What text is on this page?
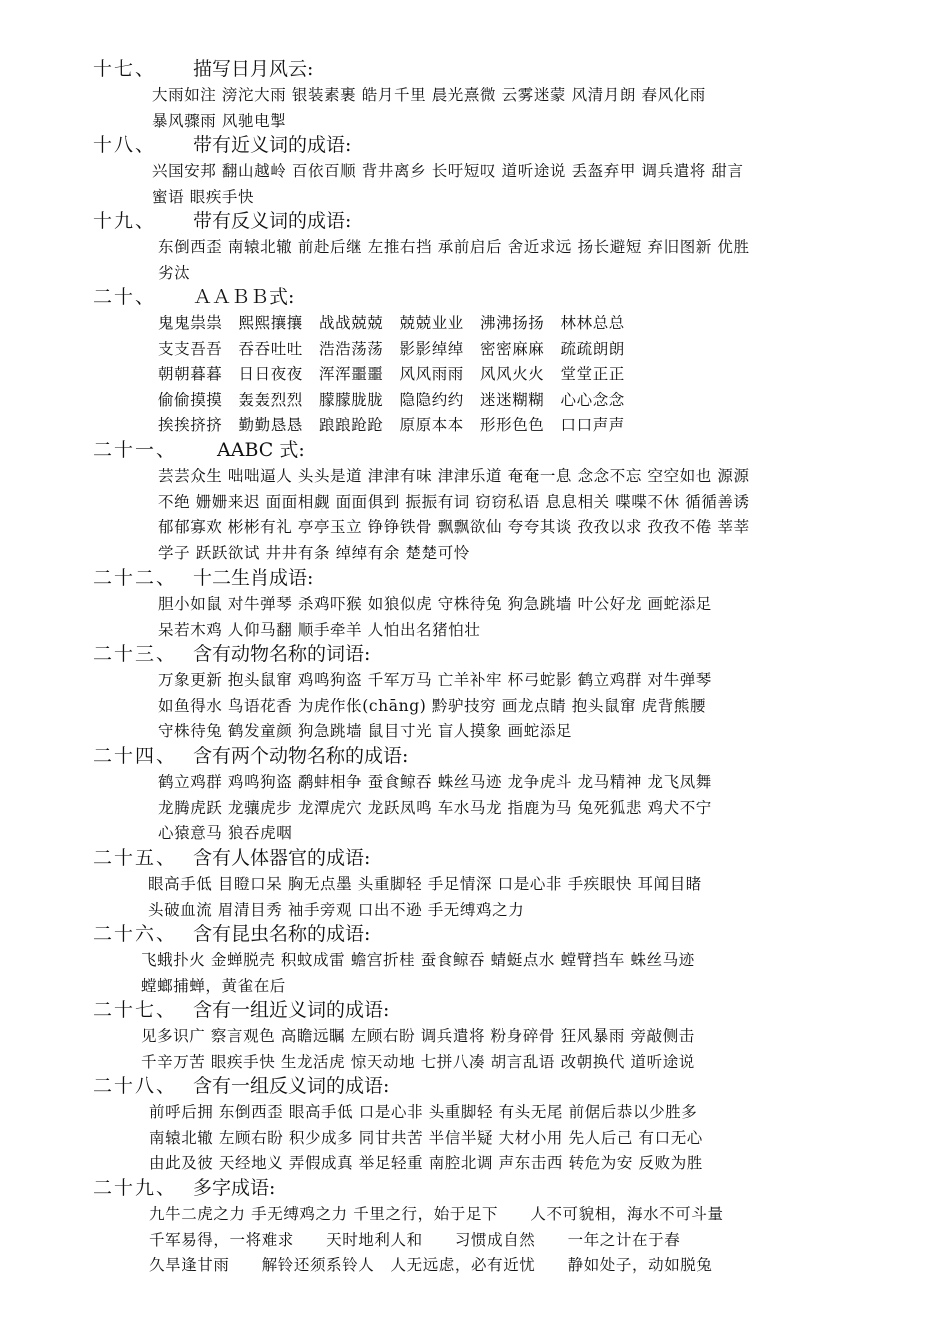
十七、 描写日月风云:
大雨如注 滂沱大雨 银装素裹 皓月千里 晨光熹微 云雾迷蒙 风清月朗 春风化雨
暴风骤雨 风驰电掣
十八、 带有近义词的成语:
兴国安邦 翻山越岭 百依百顺 背井离乡 长吁短叹 道听途说 丢盔弃甲 调兵遣将 甜言
蜜语 眼疾手快
十九、 带有反义词的成语:
东倒西歪 南辕北辙 前赴后继 左推右挡 承前启后 舍近求远 扬长避短 弃旧图新 优胜
劣汰
二十、 ＡＡＢＢ式:
鬼鬼祟祟　熙熙攘攘　战战兢兢　兢兢业业　沸沸扬扬　林林总总
支支吾吾　吞吞吐吐　浩浩荡荡　影影绰绰　密密麻麻　疏疏朗朗
朝朝暮暮　日日夜夜　浑浑噩噩　风风雨雨　风风火火　堂堂正正
偷偷摸摸　轰轰烈烈　朦朦胧胧　隐隐约约　迷迷糊糊　心心念念
挨挨挤挤　勤勤恳恳　踉踉跄跄　原原本本　形形色色　口口声声
二十一、 AABC 式:
芸芸众生 咄咄逼人 头头是道 津津有味 津津乐道 奄奄一息 念念不忘 空空如也 源源
不绝 姗姗来迟 面面相觑 面面俱到 振振有词 窃窃私语 息息相关 喋喋不休 循循善诱
郁郁寡欢 彬彬有礼 亭亭玉立 铮铮铁骨 飘飘欲仙 夸夸其谈 孜孜以求 孜孜不倦 莘莘
学子 跃跃欲试 井井有条 绰绰有余 楚楚可怜
二十二、 十二生肖成语:
胆小如鼠 对牛弹琴 杀鸡吓猴 如狼似虎 守株待兔 狗急跳墙 叶公好龙 画蛇添足
呆若木鸡 人仰马翻 顺手牵羊 人怕出名猪怕壮
二十三、 含有动物名称的词语:
万象更新 抱头鼠窜 鸡鸣狗盗 千军万马 亡羊补牢 杯弓蛇影 鹤立鸡群 对牛弹琴
如鱼得水 鸟语花香 为虎作伥(chāng) 黔驴技穷 画龙点睛 抱头鼠窜 虎背熊腰
守株待兔 鹤发童颜 狗急跳墙 鼠目寸光 盲人摸象 画蛇添足
二十四、 含有两个动物名称的成语:
鹤立鸡群 鸡鸣狗盗 鹬蚌相争 蚕食鲸吞 蛛丝马迹 龙争虎斗 龙马精神 龙飞凤舞
龙腾虎跃 龙骧虎步 龙潭虎穴 龙跃凤鸣 车水马龙 指鹿为马 兔死狐悲 鸡犬不宁
心猿意马 狼吞虎咽
二十五、 含有人体器官的成语:
眼高手低 目瞪口呆 胸无点墨 头重脚轻 手足情深 口是心非 手疾眼快 耳闻目睹
头破血流 眉清目秀 袖手旁观 口出不逊 手无缚鸡之力
二十六、 含有昆虫名称的成语:
飞蛾扑火 金蝉脱壳 积蚊成雷 蟾宫折桂 蚕食鲸吞 蜻蜓点水 螳臂挡车 蛛丝马迹
螳螂捕蝉，黄雀在后
二十七、 含有一组近义词的成语:
见多识广 察言观色 高瞻远瞩 左顾右盼 调兵遣将 粉身碎骨 狂风暴雨 旁敲侧击
千辛万苦 眼疾手快 生龙活虎 惊天动地 七拼八凑 胡言乱语 改朝换代 道听途说
二十八、 含有一组反义词的成语:
前呼后拥 东倒西歪 眼高手低 口是心非 头重脚轻 有头无尾 前倨后恭以少胜多
南辕北辙 左顾右盼 积少成多 同甘共苦 半信半疑 大材小用 先人后己 有口无心
由此及彼 天经地义 弄假成真 举足轻重 南腔北调 声东击西 转危为安 反败为胜
二十九、 多字成语:
九牛二虎之力 手无缚鸡之力 千里之行，始于足下　　人不可貌相，海水不可斗量
千军易得，一将难求　　天时地利人和　　习惯成自然　　一年之计在于春
久旱逢甘雨　　解铃还须系铃人　人无远虑，必有近忧　　静如处子，动如脱兔
